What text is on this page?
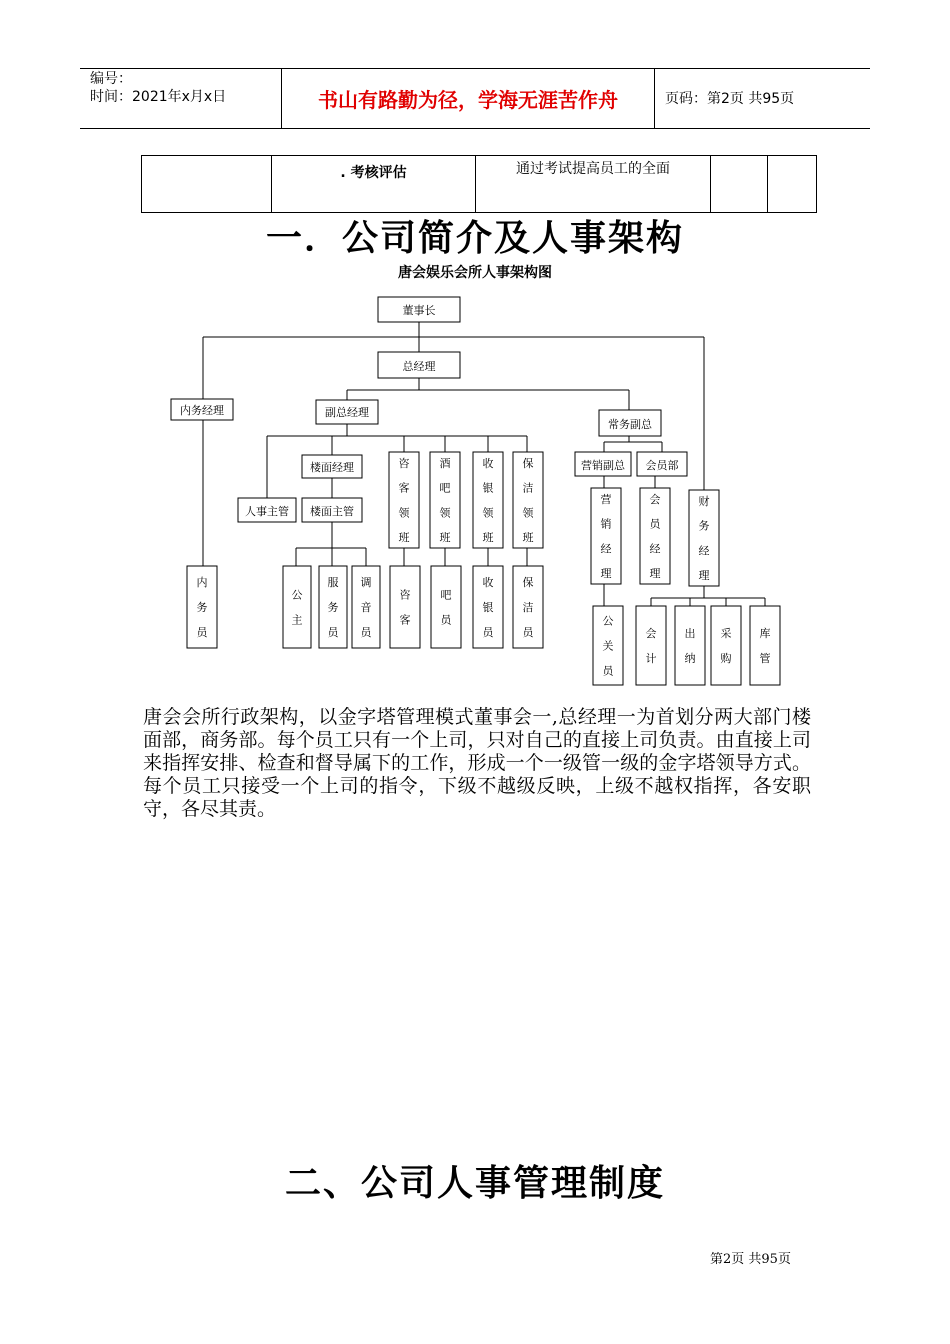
编号：
时间：2021年x月x日	书山有路勤为径，学海无涯苦作舟	页码：第2页 共95页
	. 考核评估	通过考试提高员工的全面		
一．公司简介及人事架构
唐会娱乐会所人事架构图
董事长
总经理
内务经理	副总经理
常务副总
楼面经理
人事主管 楼面主管
营销副总 会员部
咨
客
领
班
酒
吧
领
班
收
银
领
班
保
洁
领
班
营
销
经
理
会
员
经
理
财
务
经
理
内
务
员
公
主
服
务
员
调
音
员
咨
客
吧
员
收
银
员
保
洁
员
公
关
员
会
计
出
纳
采
购
库
管
唐会会所行政架构，以金字塔管理模式董事会一,总经理一为首划分两大部门楼面部，商务部。每个员工只有一个上司，只对自己的直接上司负责。由直接上司来指挥安排、检查和督导属下的工作，形成一个一级管一级的金字塔领导方式。每个员工只接受一个上司的指令，下级不越级反映，上级不越权指挥，各安职守，各尽其责。
二、公司人事管理制度
第2页 共95页
